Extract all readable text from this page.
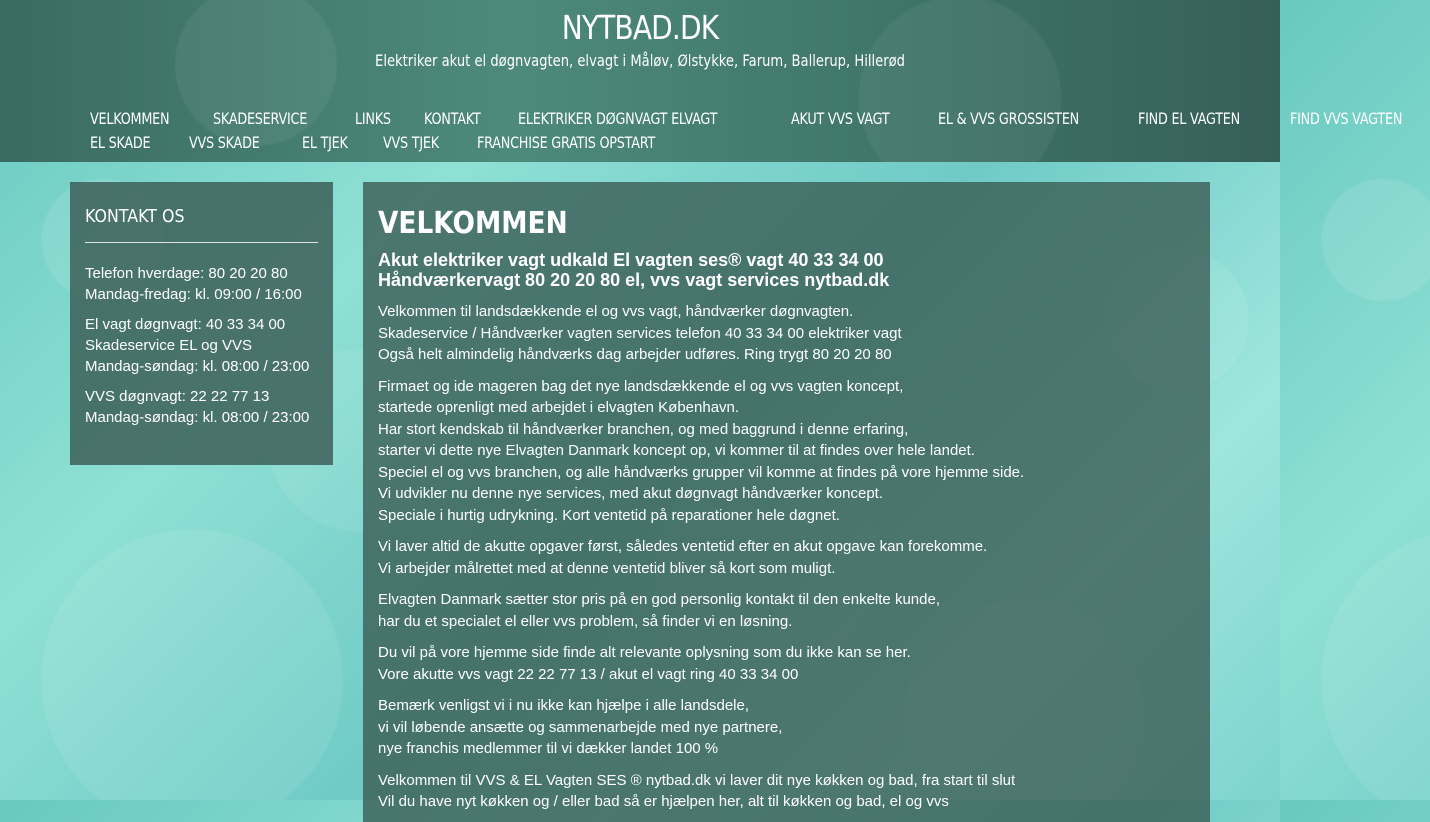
NYTBAD.DK
Elektriker akut el døgnvagten, elvagt i Måløv, Ølstykke, Farum, Ballerup, Hillerød
VELKOMMEN	SKADESERVICE	LINKS	KONTAKT	ELEKTRIKER DØGNVAGT ELVAGT	AKUT VVS VAGT	EL & VVS GROSSISTEN	FIND EL VAGTEN	FIND VVS VAGTEN
EL SKADE	VVS SKADE	EL TJEK	VVS TJEK	FRANCHISE GRATIS OPSTART
KONTAKT OS

Telefon hverdage: 80 20 20 80
Mandag-fredag: kl. 09:00 / 16:00

El vagt døgnvagt: 40 33 34 00
Skadeservice EL og VVS
Mandag-søndag: kl. 08:00 / 23:00

VVS døgnvagt: 22 22 77 13
Mandag-søndag: kl. 08:00 / 23:00

VELKOMMEN
Akut elektriker vagt udkald El vagten ses® vagt 40 33 34 00
Håndværkervagt 80 20 20 80 el, vvs vagt services nytbad.dk

Velkommen til landsdækkende el og vvs vagt, håndværker døgnvagten.
Skadeservice / Håndværker vagten services telefon 40 33 34 00 elektriker vagt
Også helt almindelig håndværks dag arbejder udføres. Ring trygt 80 20 20 80

Firmaet og ide mageren bag det nye landsdækkende el og vvs vagten koncept,
startede oprenligt med arbejdet i elvagten København.
Har stort kendskab til håndværker branchen, og med baggrund i denne erfaring,
starter vi dette nye Elvagten Danmark koncept op, vi kommer til at findes over hele landet.
Speciel el og vvs branchen, og alle håndværks grupper vil komme at findes på vore hjemme side.
Vi udvikler nu denne nye services, med akut døgnvagt håndværker koncept.
Speciale i hurtig udrykning. Kort ventetid på reparationer hele døgnet.

Vi laver altid de akutte opgaver først, således ventetid efter en akut opgave kan forekomme.
Vi arbejder målrettet med at denne ventetid bliver så kort som muligt.

Elvagten Danmark sætter stor pris på en god personlig kontakt til den enkelte kunde,
har du et specialet el eller vvs problem, så finder vi en løsning.

Du vil på vore hjemme side finde alt relevante oplysning som du ikke kan se her.
Vore akutte vvs vagt 22 22 77 13 / akut el vagt ring 40 33 34 00

Bemærk venligst vi i nu ikke kan hjælpe i alle landsdele,
vi vil løbende ansætte og sammenarbejde med nye partnere,
nye franchis medlemmer til vi dækker landet 100 %

Velkommen til VVS & EL Vagten SES ® nytbad.dk vi laver dit nye køkken og bad, fra start til slut
Vil du have nyt køkken og / eller bad så er hjælpen her, alt til køkken og bad, el og vvs
